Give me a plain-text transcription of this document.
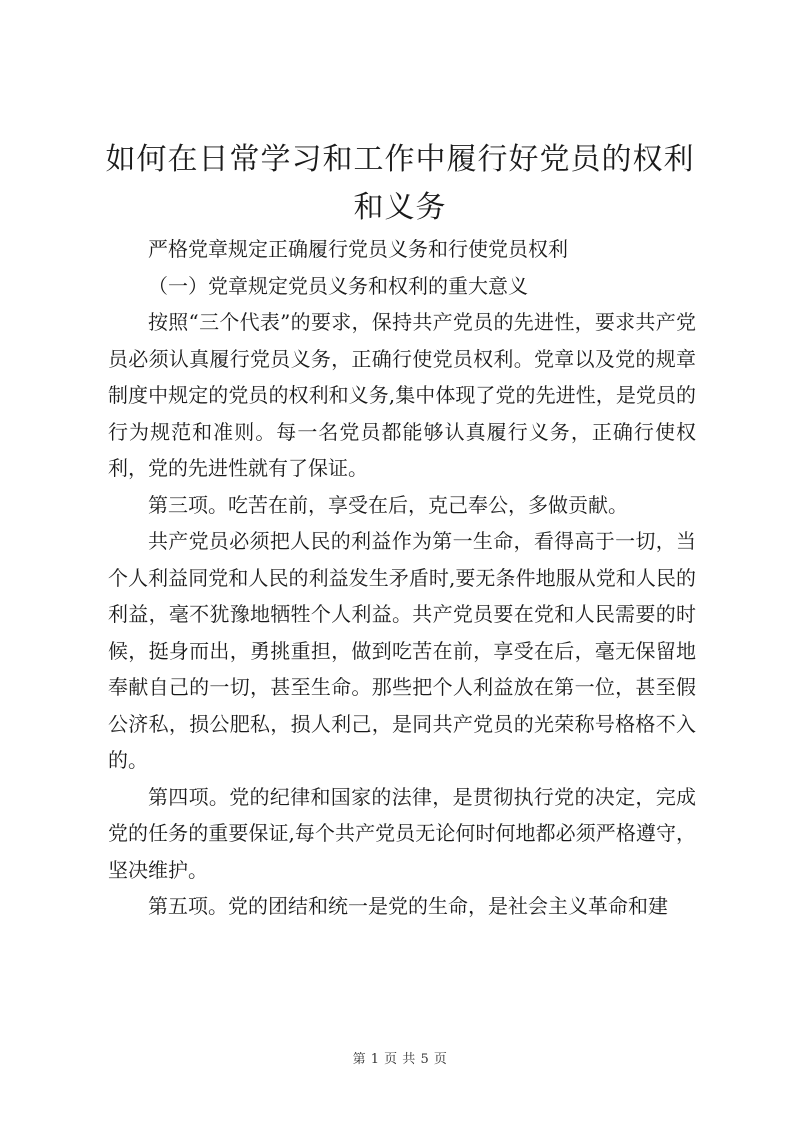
如何在日常学习和工作中履行好党员的权利和义务

严格党章规定正确履行党员义务和行使党员权利

（一）党章规定党员义务和权利的重大意义

按照“三个代表”的要求，保持共产党员的先进性，要求共产党员必须认真履行党员义务，正确行使党员权利。党章以及党的规章制度中规定的党员的权利和义务,集中体现了党的先进性，是党员的行为规范和准则。每一名党员都能够认真履行义务，正确行使权利，党的先进性就有了保证。

第三项。吃苦在前，享受在后，克己奉公，多做贡献。

共产党员必须把人民的利益作为第一生命，看得高于一切，当个人利益同党和人民的利益发生矛盾时,要无条件地服从党和人民的利益，毫不犹豫地牺牲个人利益。共产党员要在党和人民需要的时候，挺身而出，勇挑重担，做到吃苦在前，享受在后，毫无保留地奉献自己的一切，甚至生命。那些把个人利益放在第一位，甚至假公济私，损公肥私，损人利己，是同共产党员的光荣称号格格不入的。

第四项。党的纪律和国家的法律，是贯彻执行党的决定，完成党的任务的重要保证,每个共产党员无论何时何地都必须严格遵守，坚决维护。

第五项。党的团结和统一是党的生命，是社会主义革命和建

第 1 页 共 5 页
